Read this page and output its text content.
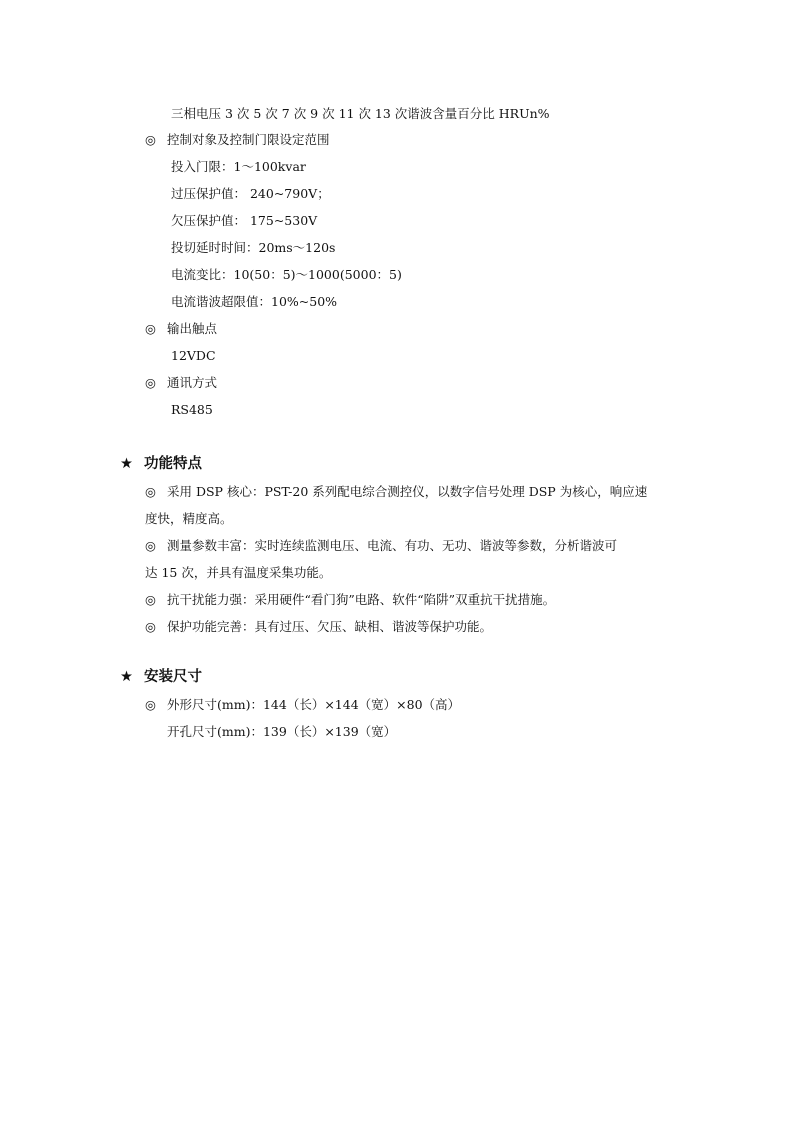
三相电压 3 次 5 次 7 次 9 次 11 次 13 次谐波含量百分比 HRUn%
◎ 控制对象及控制门限设定范围
投入门限：1～100kvar
过压保护值： 240~790V；
欠压保护值： 175~530V
投切延时时间：20ms～120s
电流变比：10(50：5)～1000(5000：5)
电流谐波超限值：10%~50%
◎ 输出触点
12VDC
◎ 通讯方式
RS485
★ 功能特点
◎ 采用 DSP 核心：PST-20 系列配电综合测控仪，以数字信号处理 DSP 为核心，响应速
度快，精度高。
◎ 测量参数丰富：实时连续监测电压、电流、有功、无功、谐波等参数，分析谐波可
达 15 次，并具有温度采集功能。
◎ 抗干扰能力强：采用硬件“看门狗”电路、软件“陷阱”双重抗干扰措施。
◎ 保护功能完善：具有过压、欠压、缺相、谐波等保护功能。
★ 安装尺寸
◎ 外形尺寸(mm)：144（长）×144（宽）×80（高）
开孔尺寸(mm)：139（长）×139（宽）
